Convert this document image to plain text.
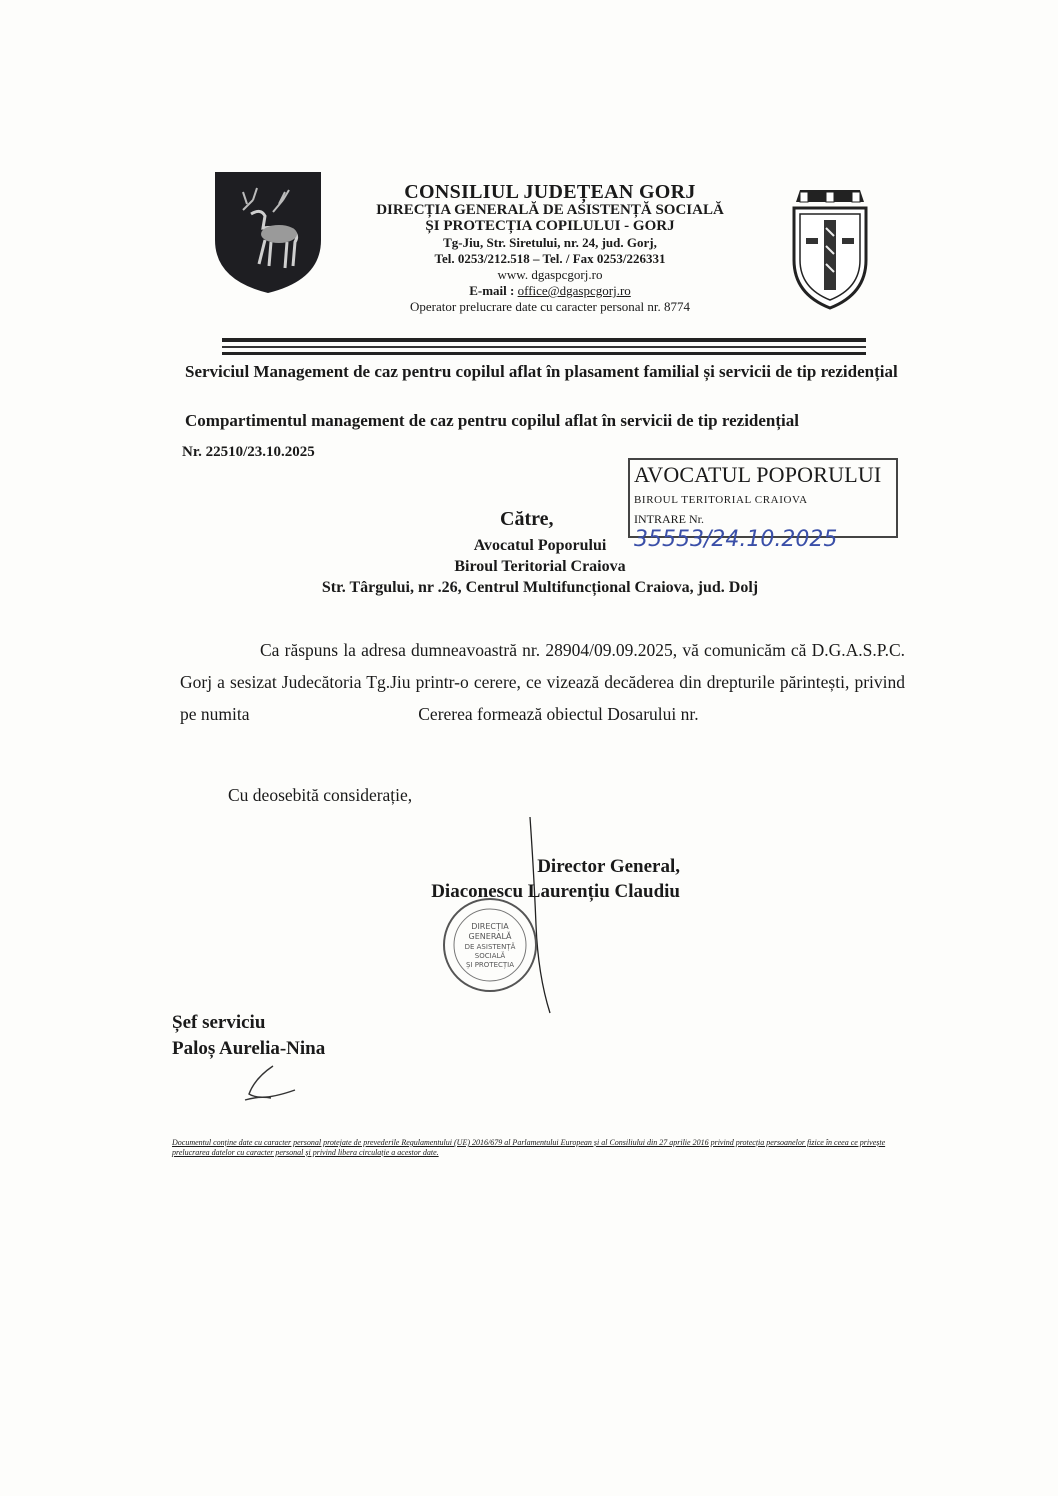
CONSILIUL JUDEȚEAN GORJ
DIRECȚIA GENERALĂ DE ASISTENȚĂ SOCIALĂ
ȘI PROTECȚIA COPILULUI - GORJ
Tg-Jiu, Str. Siretului, nr. 24, jud. Gorj,
Tel. 0253/212.518 – Tel. / Fax 0253/226331
www. dgaspcgorj.ro
E-mail : office@dgaspcgorj.ro
Operator prelucrare date cu caracter personal nr. 8774
Serviciul Management de caz pentru copilul aflat în plasament familial și servicii de tip rezidențial
Compartimentul management de caz pentru copilul aflat în servicii de tip rezidențial
Nr. 22510/23.10.2025
AVOCATUL POPORULUI
BIROUL TERITORIAL CRAIOVA
INTRARE Nr. 35553/24.10.2025
Către,
Avocatul Poporului
Biroul Teritorial Craiova
Str. Târgului, nr .26, Centrul Multifuncțional Craiova, jud. Dolj

Ca răspuns la adresa dumneavoastră nr. 28904/09.09.2025, vă comunicăm că D.G.A.S.P.C. Gorj a sesizat Judecătoria Tg.Jiu printr-o cerere, ce vizează decăderea din drepturile părintești, privind pe numita	Cererea formează obiectul Dosarului nr.

Cu deosebită considerație,
Director General,
Diaconescu Laurențiu Claudiu
DIRECȚIA
GENERALĂ
DE ASISTENȚĂ
SOCIALĂ
ȘI PROTECȚIA
Șef serviciu
Paloș Aurelia-Nina
Documentul conține date cu caracter personal protejate de prevederile Regulamentului (UE) 2016/679 al Parlamentului European și al Consiliului din 27 aprilie 2016 privind protecția persoanelor fizice în ceea ce privește prelucrarea datelor cu caracter personal și privind libera circulație a acestor date.
